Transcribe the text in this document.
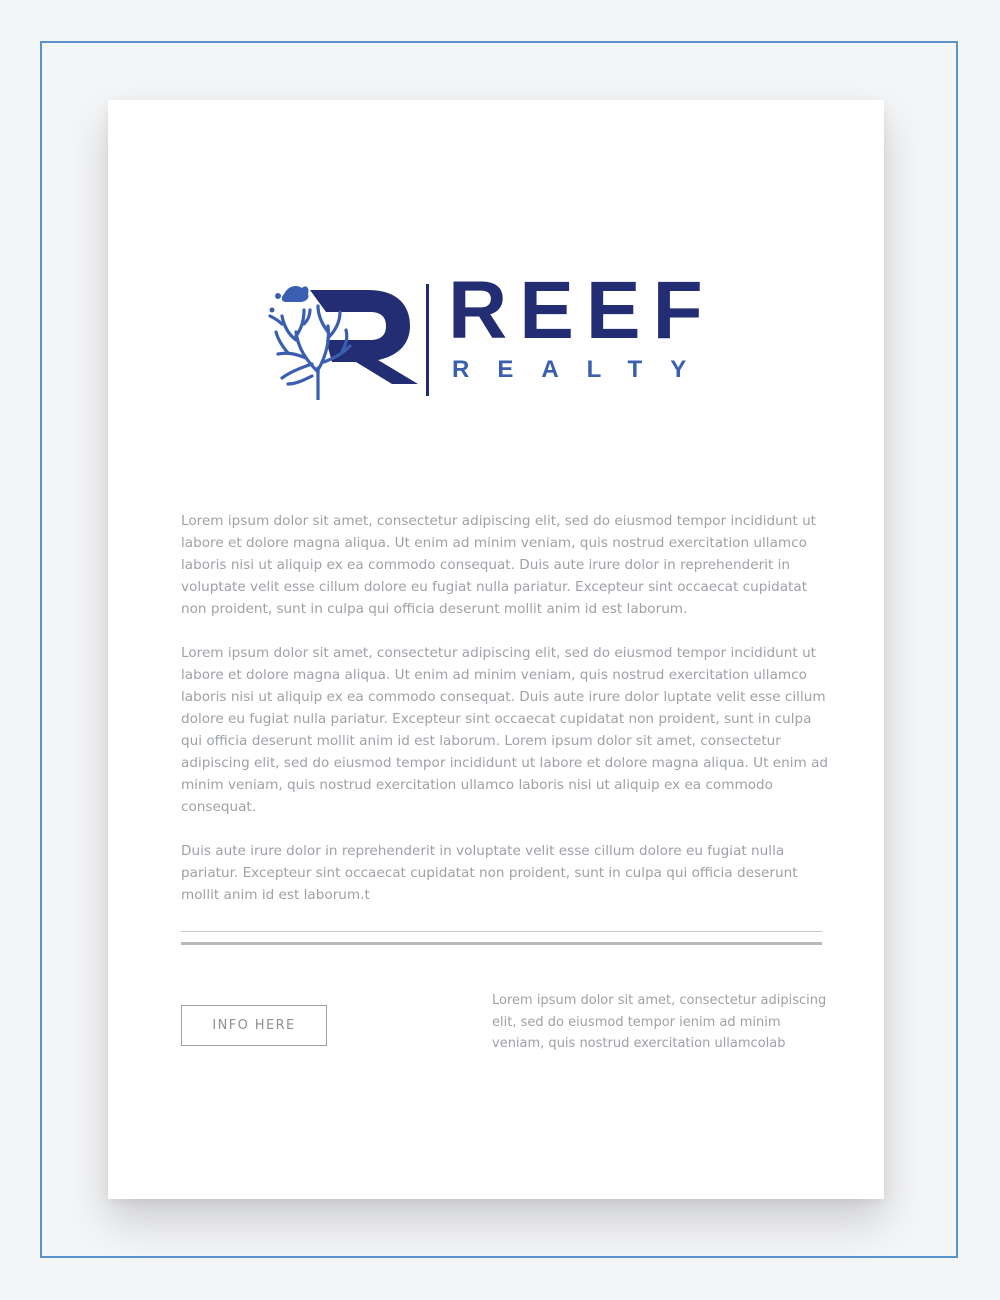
REEF
REALTY

Lorem ipsum dolor sit amet, consectetur adipiscing elit, sed do eiusmod tempor incididunt ut labore et dolore magna aliqua. Ut enim ad minim veniam, quis nostrud exercitation ullamco laboris nisi ut aliquip ex ea commodo consequat. Duis aute irure dolor in reprehenderit in voluptate velit esse cillum dolore eu fugiat nulla pariatur. Excepteur sint occaecat cupidatat non proident, sunt in culpa qui officia deserunt mollit anim id est laborum.

Lorem ipsum dolor sit amet, consectetur adipiscing elit, sed do eiusmod tempor incididunt ut labore et dolore magna aliqua. Ut enim ad minim veniam, quis nostrud exercitation ullamco laboris nisi ut aliquip ex ea commodo consequat. Duis aute irure dolor luptate velit esse cillum dolore eu fugiat nulla pariatur. Excepteur sint occaecat cupidatat non proident, sunt in culpa qui officia deserunt mollit anim id est laborum. Lorem ipsum dolor sit amet, consectetur adipiscing elit, sed do eiusmod tempor incididunt ut labore et dolore magna aliqua. Ut enim ad minim veniam, quis nostrud exercitation ullamco laboris nisi ut aliquip ex ea commodo consequat.

Duis aute irure dolor in reprehenderit in voluptate velit esse cillum dolore eu fugiat nulla pariatur. Excepteur sint occaecat cupidatat non proident, sunt in culpa qui officia deserunt mollit anim id est laborum.t

INFO HERE
Lorem ipsum dolor sit amet, consectetur adipiscing elit, sed do eiusmod tempor ienim ad minim veniam, quis nostrud exercitation ullamcolab
